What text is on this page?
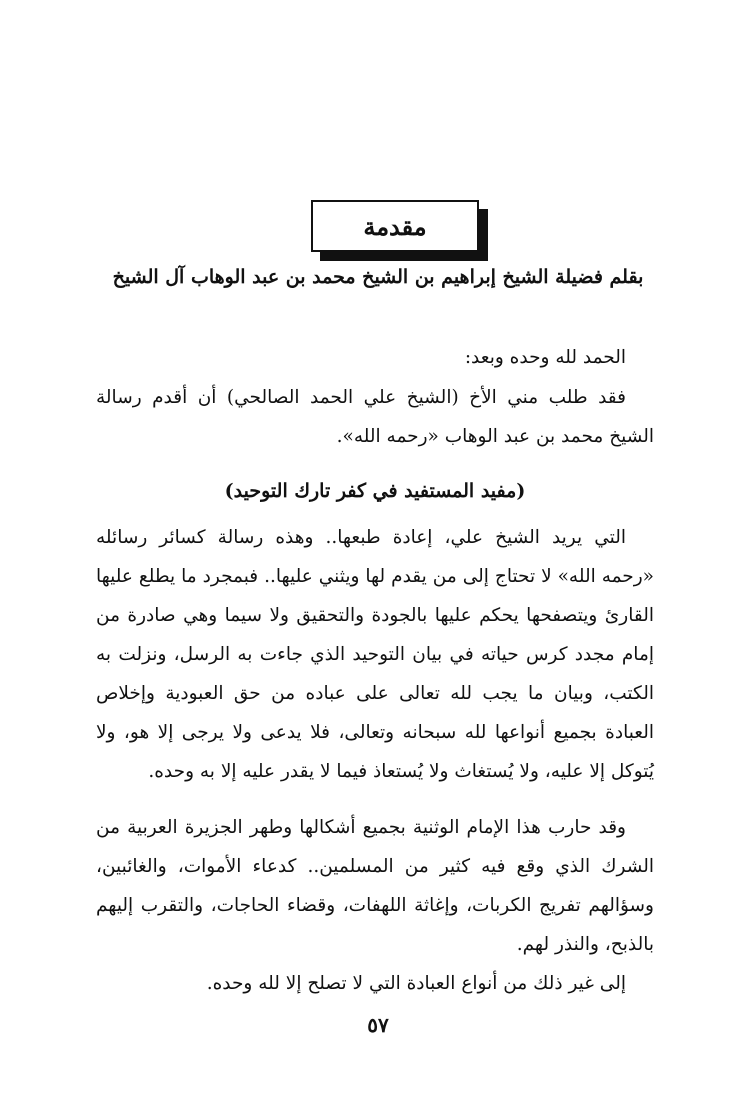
مقدمة
بقلم فضيلة الشيخ إبراهيم بن الشيخ محمد بن عبد الوهاب آل الشيخ
الحمد لله وحده وبعد:
فقد طلب مني الأخ (الشيخ علي الحمد الصالحي) أن أقدم رسالة الشيخ محمد بن عبد الوهاب «رحمه الله».
(مفيد المستفيد في كفر تارك التوحيد)
التي يريد الشيخ علي، إعادة طبعها.. وهذه رسالة كسائر رسائله «رحمه الله» لا تحتاج إلى من يقدم لها ويثني عليها.. فبمجرد ما يطلع عليها القارئ ويتصفحها يحكم عليها بالجودة والتحقيق ولا سيما وهي صادرة من إمام مجدد كرس حياته في بيان التوحيد الذي جاءت به الرسل، ونزلت به الكتب، وبيان ما يجب لله تعالى على عباده من حق العبودية وإخلاص العبادة بجميع أنواعها لله سبحانه وتعالى، فلا يدعى ولا يرجى إلا هو، ولا يُتوكل إلا عليه، ولا يُستغاث ولا يُستعاذ فيما لا يقدر عليه إلا به وحده.
وقد حارب هذا الإمام الوثنية بجميع أشكالها وطهر الجزيرة العربية من الشرك الذي وقع فيه كثير من المسلمين.. كدعاء الأموات، والغائبين، وسؤالهم تفريج الكربات، وإغاثة اللهفات، وقضاء الحاجات، والتقرب إليهم بالذبح، والنذر لهم.
إلى غير ذلك من أنواع العبادة التي لا تصلح إلا لله وحده.
٥٧
